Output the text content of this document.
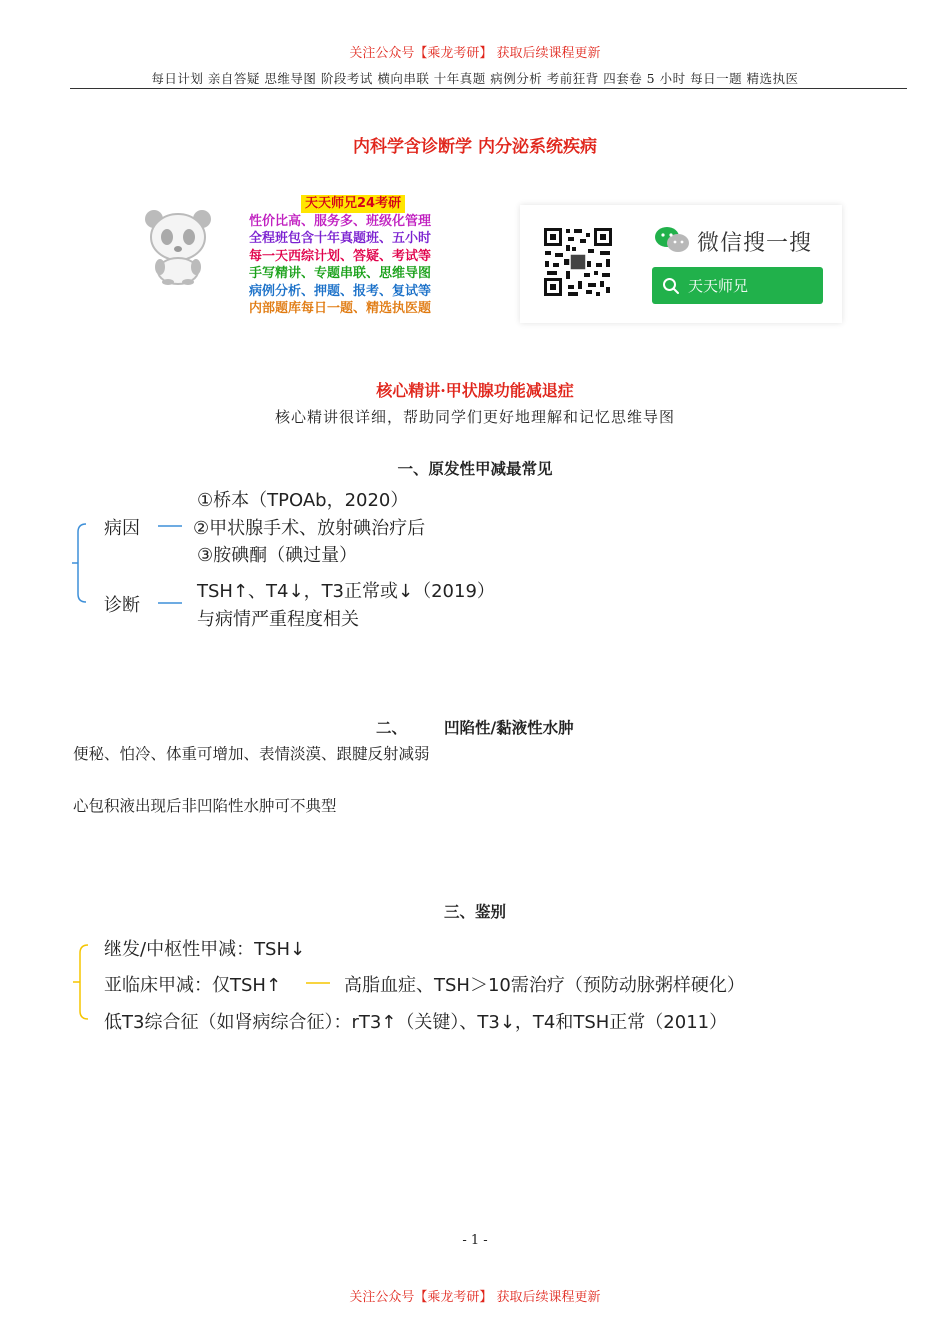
关注公众号【乘龙考研】 获取后续课程更新
每日计划 亲自答疑 思维导图 阶段考试 横向串联 十年真题 病例分析 考前狂背 四套卷 5 小时 每日一题 精选执医
内科学含诊断学 内分泌系统疾病
天天师兄24考研
性价比高、服务多、班级化管理
全程班包含十年真题班、五小时
每一天西综计划、答疑、考试等
手写精讲、专题串联、思维导图
病例分析、押题、报考、复试等
内部题库每日一题、精选执医题
微信搜一搜
天天师兄
核心精讲·甲状腺功能减退症
核心精讲很详细，帮助同学们更好地理解和记忆思维导图
一、原发性甲减最常见
病因
①桥本（TPOAb，2020）
②甲状腺手术、放射碘治疗后
③胺碘酮（碘过量）
诊断
TSH↑、T4↓，T3正常或↓（2019）
与病情严重程度相关
二、 凹陷性/黏液性水肿
便秘、怕冷、体重可增加、表情淡漠、跟腱反射减弱
心包积液出现后非凹陷性水肿可不典型
三、鉴别
继发/中枢性甲减：TSH↓
亚临床甲减：仅TSH↑	高脂血症、TSH＞10需治疗（预防动脉粥样硬化）
低T3综合征（如肾病综合征）：rT3↑（关键）、T3↓，T4和TSH正常（2011）
- 1 -
关注公众号【乘龙考研】 获取后续课程更新
